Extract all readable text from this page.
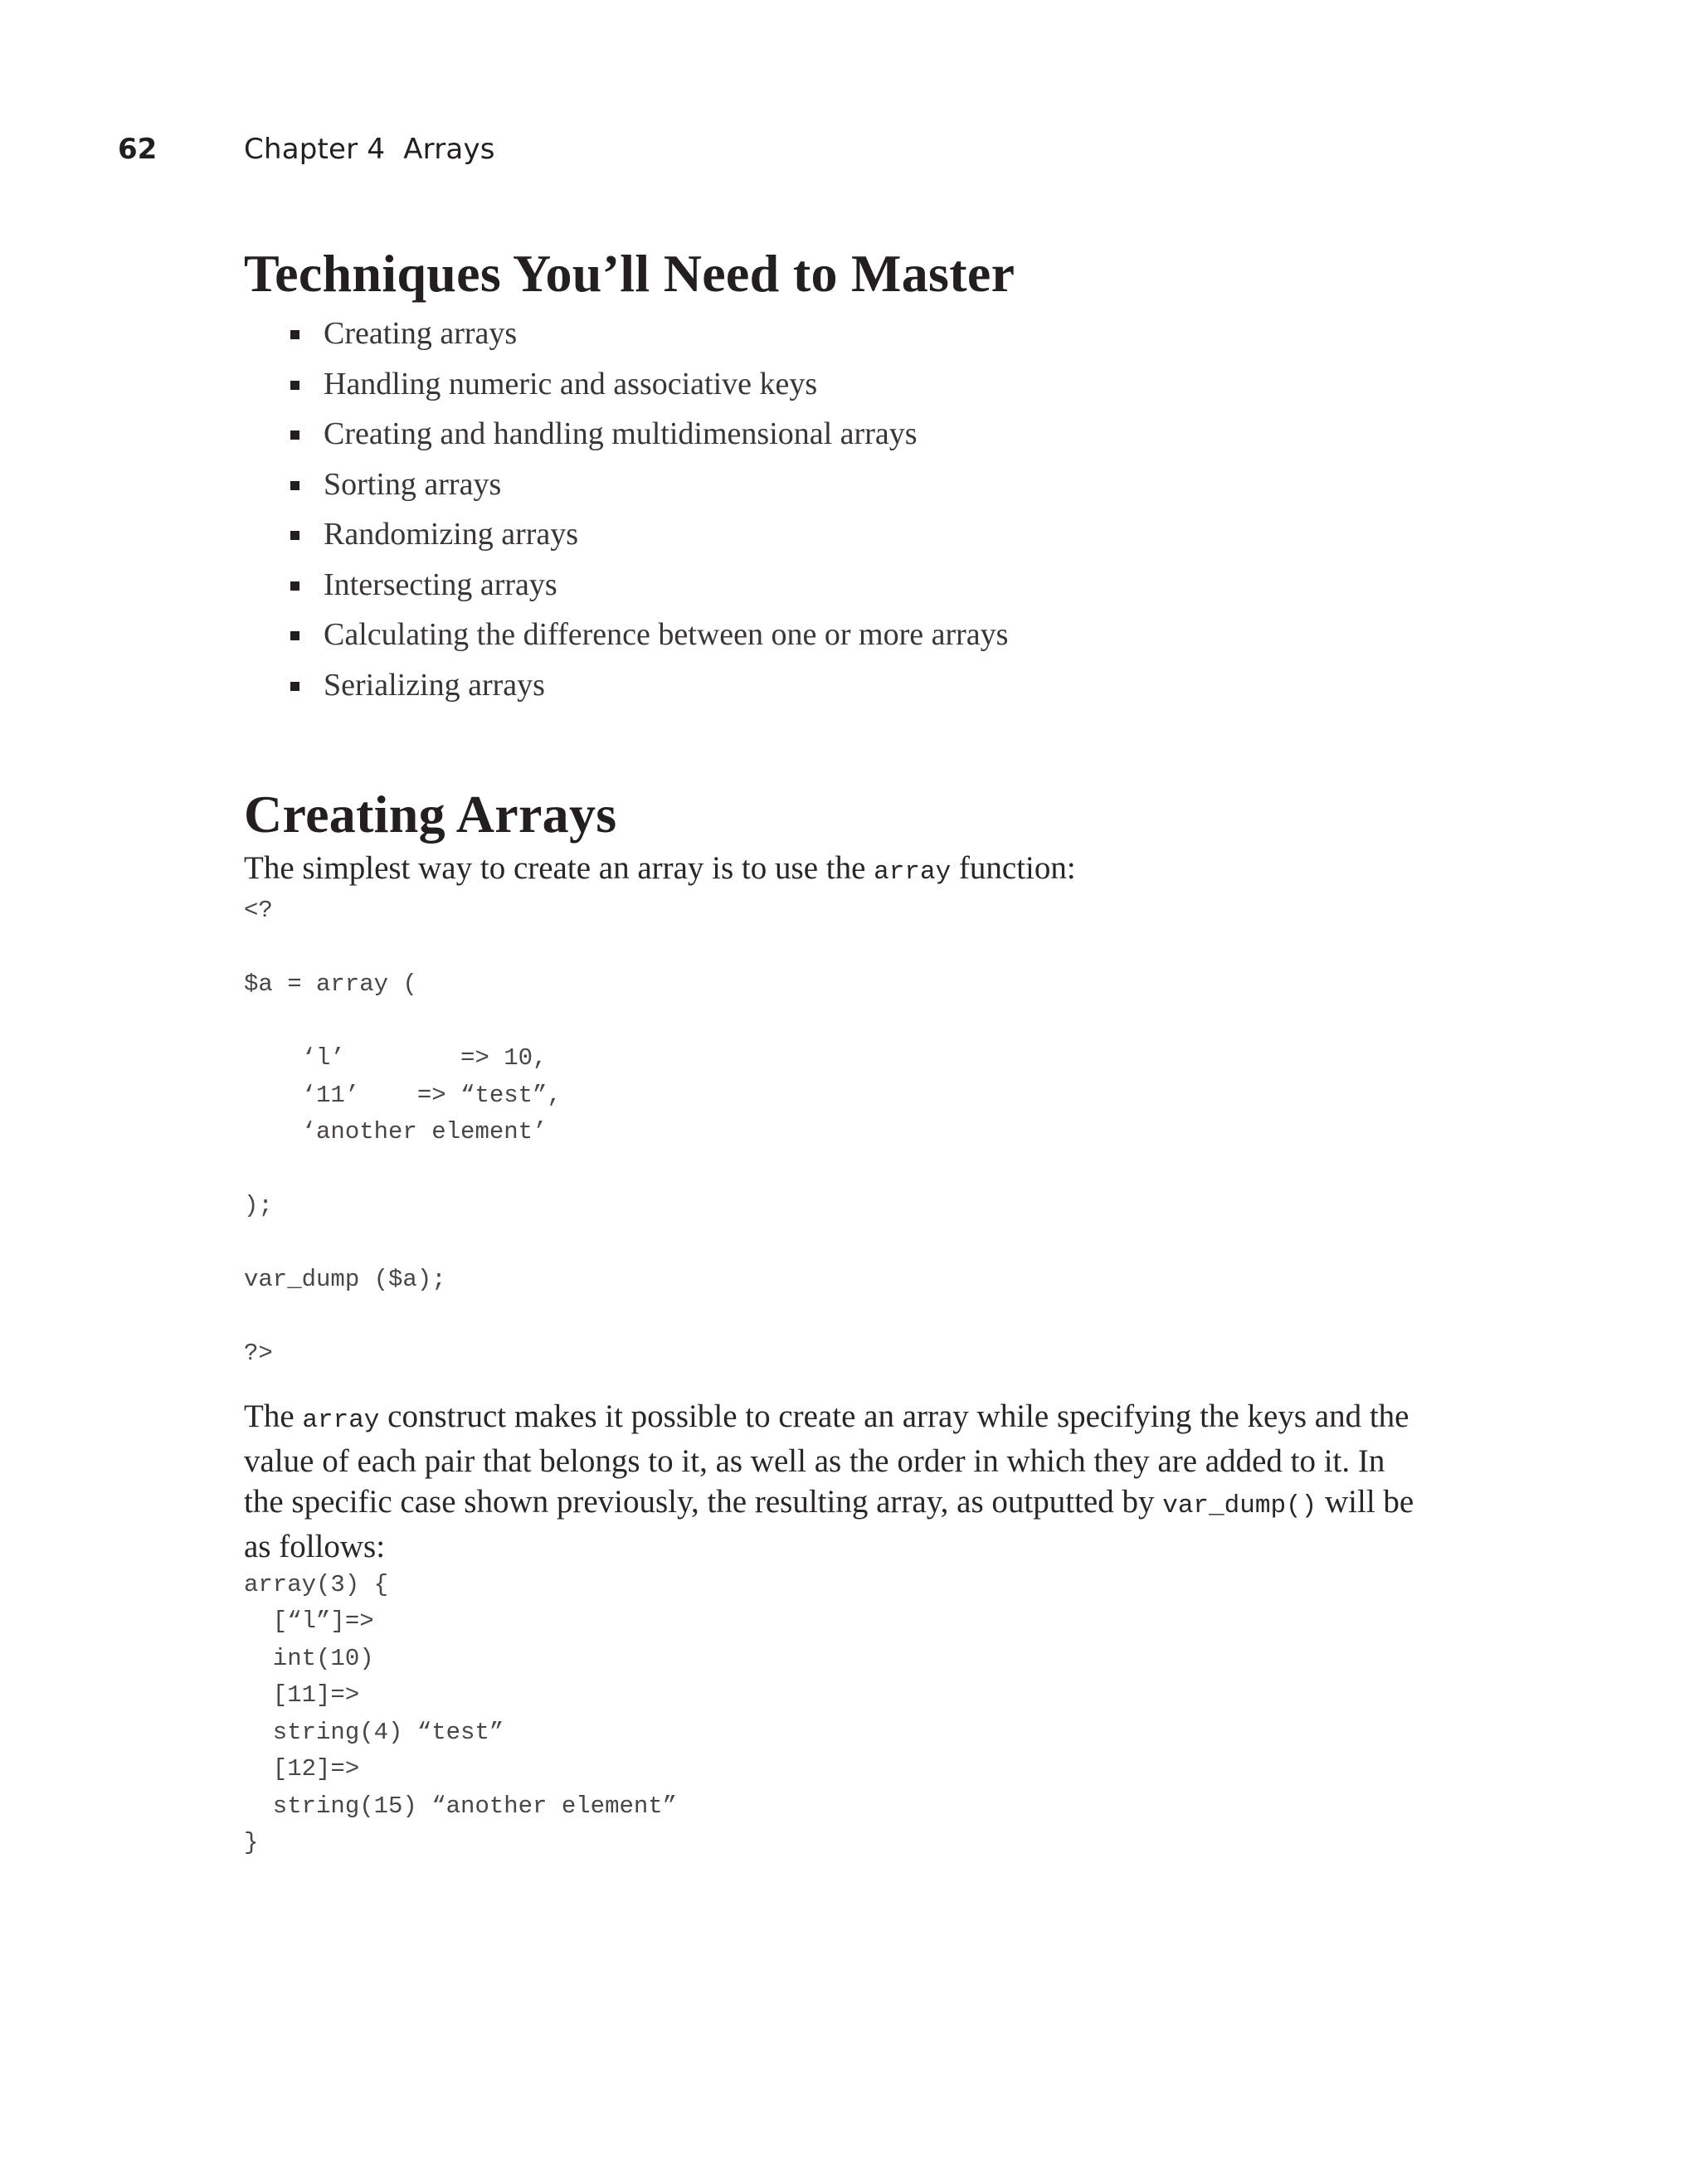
62	Chapter 4  Arrays
Techniques You’ll Need to Master
Creating arrays
Handling numeric and associative keys
Creating and handling multidimensional arrays
Sorting arrays
Randomizing arrays
Intersecting arrays
Calculating the difference between one or more arrays
Serializing arrays
Creating Arrays

The simplest way to create an array is to use the array function:

<?

$a = array (

‘l’        => 10,
‘11’    => “test”,
‘another element’

);

var_dump ($a);

?>

The array construct makes it possible to create an array while specifying the keys and the value of each pair that belongs to it, as well as the order in which they are added to it. In the specific case shown previously, the resulting array, as outputted by var_dump() will be as follows:

array(3) {
[“l”]=>
int(10)
[11]=>
string(4) “test”
[12]=>
string(15) “another element”
}
